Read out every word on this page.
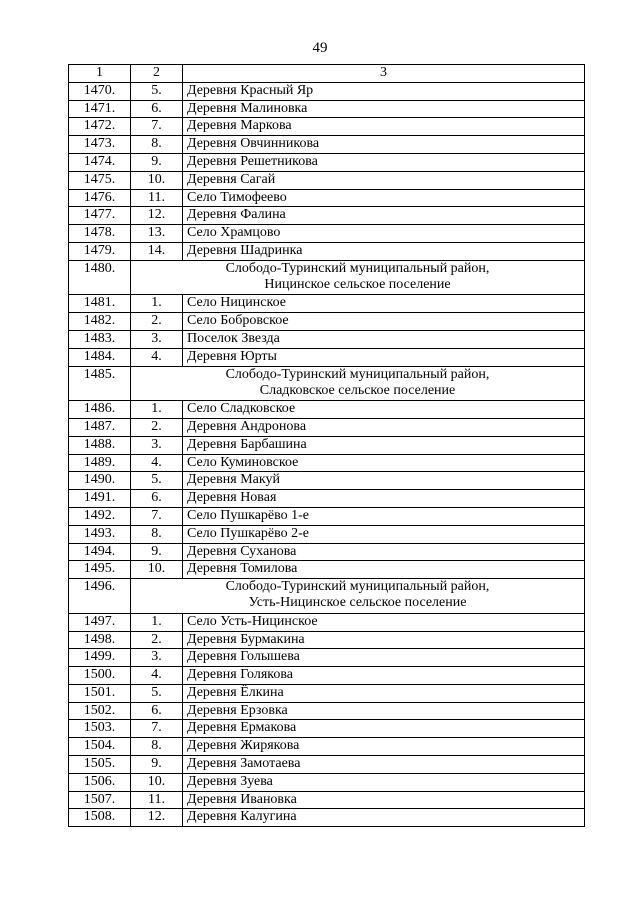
49
1	2	3
1470.	5.	Деревня Красный Яр
1471.	6.	Деревня Малиновка
1472.	7.	Деревня Маркова
1473.	8.	Деревня Овчинникова
1474.	9.	Деревня Решетникова
1475.	10.	Деревня Сагай
1476.	11.	Село Тимофеево
1477.	12.	Деревня Фалина
1478.	13.	Село Храмцово
1479.	14.	Деревня Шадринка
1480.	Слободо-Туринский муниципальный район,
Ницинское сельское поселение	

1481.	1.	Село Ницинское
1482.	2.	Село Бобровское
1483.	3.	Поселок Звезда
1484.	4.	Деревня Юрты
1485.	Слободо-Туринский муниципальный район,
Сладковское сельское поселение	

1486.	1.	Село Сладковское
1487.	2.	Деревня Андронова
1488.	3.	Деревня Барбашина
1489.	4.	Село Куминовское
1490.	5.	Деревня Макуй
1491.	6.	Деревня Новая
1492.	7.	Село Пушкарёво 1-е
1493.	8.	Село Пушкарёво 2-е
1494.	9.	Деревня Суханова
1495.	10.	Деревня Томилова
1496.	Слободо-Туринский муниципальный район,
Усть-Ницинское сельское поселение	

1497.	1.	Село Усть-Ницинское
1498.	2.	Деревня Бурмакина
1499.	3.	Деревня Голышева
1500.	4.	Деревня Голякова
1501.	5.	Деревня Ёлкина
1502.	6.	Деревня Ерзовка
1503.	7.	Деревня Ермакова
1504.	8.	Деревня Жирякова
1505.	9.	Деревня Замотаева
1506.	10.	Деревня Зуева
1507.	11.	Деревня Ивановка
1508.	12.	Деревня Калугина
